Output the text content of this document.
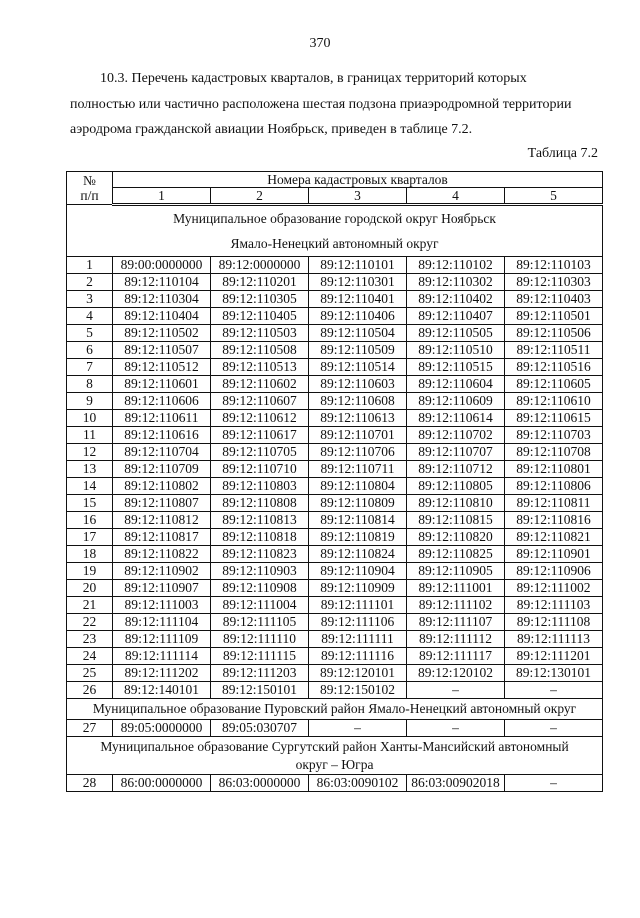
370
10.3. Перечень кадастровых кварталов, в границах территорий которых
полностью или частично расположена шестая подзона приаэродромной территории
аэродрома гражданской авиации Ноябрьск, приведен в таблице 7.2.
Таблица 7.2
№
п/п	Номера кадастровых кварталов				
	1	2	3	4	5

Муниципальное образование городской округ Ноябрьск
Ямало-Ненецкий автономный округ					

1	89:00:0000000	89:12:0000000	89:12:110101	89:12:110102	89:12:110103
2	89:12:110104	89:12:110201	89:12:110301	89:12:110302	89:12:110303
3	89:12:110304	89:12:110305	89:12:110401	89:12:110402	89:12:110403
4	89:12:110404	89:12:110405	89:12:110406	89:12:110407	89:12:110501
5	89:12:110502	89:12:110503	89:12:110504	89:12:110505	89:12:110506
6	89:12:110507	89:12:110508	89:12:110509	89:12:110510	89:12:110511
7	89:12:110512	89:12:110513	89:12:110514	89:12:110515	89:12:110516
8	89:12:110601	89:12:110602	89:12:110603	89:12:110604	89:12:110605
9	89:12:110606	89:12:110607	89:12:110608	89:12:110609	89:12:110610
10	89:12:110611	89:12:110612	89:12:110613	89:12:110614	89:12:110615
11	89:12:110616	89:12:110617	89:12:110701	89:12:110702	89:12:110703
12	89:12:110704	89:12:110705	89:12:110706	89:12:110707	89:12:110708
13	89:12:110709	89:12:110710	89:12:110711	89:12:110712	89:12:110801
14	89:12:110802	89:12:110803	89:12:110804	89:12:110805	89:12:110806
15	89:12:110807	89:12:110808	89:12:110809	89:12:110810	89:12:110811
16	89:12:110812	89:12:110813	89:12:110814	89:12:110815	89:12:110816
17	89:12:110817	89:12:110818	89:12:110819	89:12:110820	89:12:110821
18	89:12:110822	89:12:110823	89:12:110824	89:12:110825	89:12:110901
19	89:12:110902	89:12:110903	89:12:110904	89:12:110905	89:12:110906
20	89:12:110907	89:12:110908	89:12:110909	89:12:111001	89:12:111002
21	89:12:111003	89:12:111004	89:12:111101	89:12:111102	89:12:111103
22	89:12:111104	89:12:111105	89:12:111106	89:12:111107	89:12:111108
23	89:12:111109	89:12:111110	89:12:111111	89:12:111112	89:12:111113
24	89:12:111114	89:12:111115	89:12:111116	89:12:111117	89:12:111201
25	89:12:111202	89:12:111203	89:12:120101	89:12:120102	89:12:130101
26	89:12:140101	89:12:150101	89:12:150102	–	–
Муниципальное образование Пуровский район Ямало-Ненецкий автономный округ					
27	89:05:0000000	89:05:030707	–	–	–

Муниципальное образование Сургутский район Ханты-Мансийский автономный
округ – Югра					

28	86:00:0000000	86:03:0000000	86:03:0090102	86:03:00902018	–
